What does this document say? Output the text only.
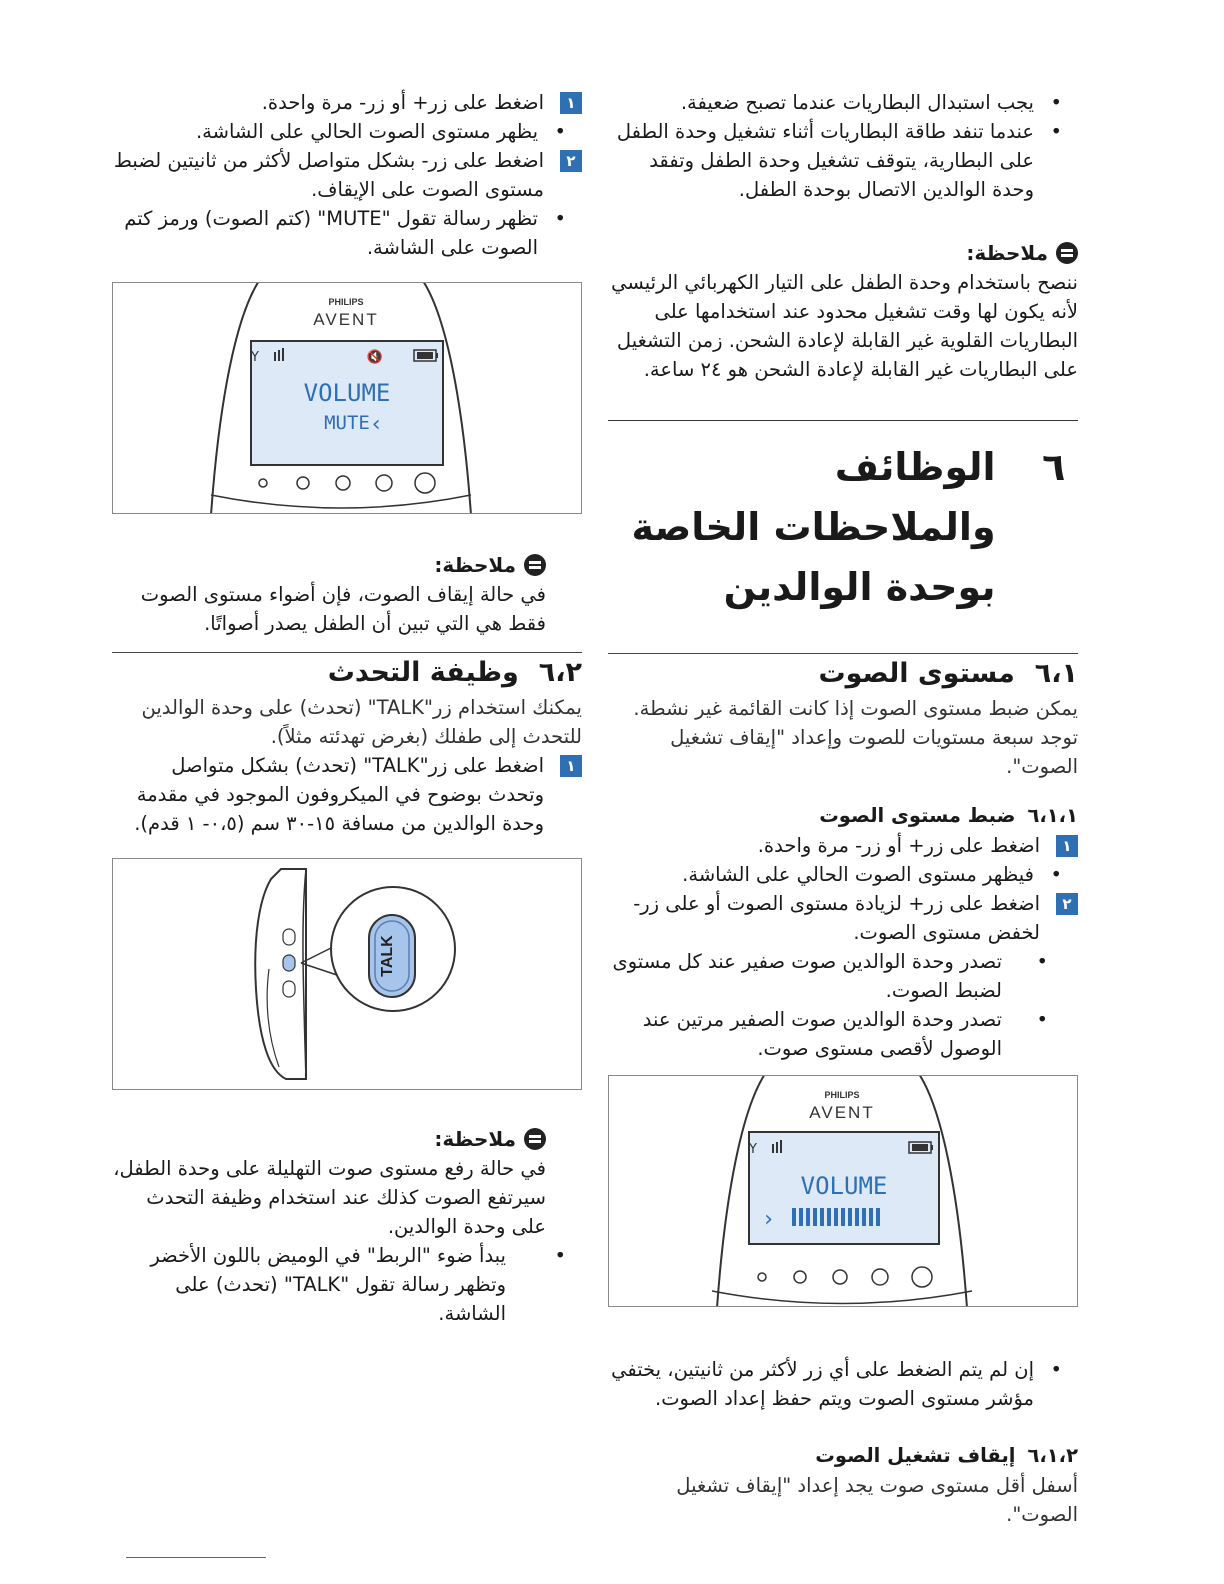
• يجب استبدال البطاريات عندما تصبح ضعيفة.
• عندما تنفد طاقة البطاريات أثناء تشغيل وحدة الطفل على البطارية، يتوقف تشغيل وحدة الطفل وتفقد وحدة الوالدين الاتصال بوحدة الطفل.
ملاحظة:

ننصح باستخدام وحدة الطفل على التيار الكهربائي الرئيسي لأنه يكون لها وقت تشغيل محدود عند استخدامها على البطاريات القلوية غير القابلة لإعادة الشحن. زمن التشغيل على البطاريات غير القابلة لإعادة الشحن هو ٢٤ ساعة.

٦
الوظائف والملاحظات الخاصة بوحدة الوالدين
٦،١
مستوى الصوت

يمكن ضبط مستوى الصوت إذا كانت القائمة غير نشطة. توجد سبعة مستويات للصوت وإعداد "إيقاف تشغيل الصوت".

٦،١،١
ضبط مستوى الصوت
١
اضغط على زر+ أو زر- مرة واحدة.
• فيظهر مستوى الصوت الحالي على الشاشة.
٢
اضغط على زر+ لزيادة مستوى الصوت أو على زر- لخفض مستوى الصوت.
• تصدر وحدة الوالدين صوت صفير عند كل مستوى لضبط الصوت.
• تصدر وحدة الوالدين صوت الصفير مرتين عند الوصول لأقصى مستوى صوت.
PHILIPS
AVENT
Y
VOLUME
‹
• إن لم يتم الضغط على أي زر لأكثر من ثانيتين، يختفي مؤشر مستوى الصوت ويتم حفظ إعداد الصوت.
٦،١،٢
إيقاف تشغيل الصوت

أسفل أقل مستوى صوت يجد إعداد "إيقاف تشغيل الصوت".

١
اضغط على زر+ أو زر- مرة واحدة.
• يظهر مستوى الصوت الحالي على الشاشة.
٢
اضغط على زر- بشكل متواصل لأكثر من ثانيتين لضبط مستوى الصوت على الإيقاف.
• تظهر رسالة تقول "MUTE" (كتم الصوت) ورمز كتم الصوت على الشاشة.
PHILIPS
AVENT
Y	🔇
VOLUME
MUTE ›
ملاحظة:

في حالة إيقاف الصوت، فإن أضواء مستوى الصوت فقط هي التي تبين أن الطفل يصدر أصواتًا.

٦،٢
وظيفة التحدث

يمكنك استخدام زر"TALK" (تحدث) على وحدة الوالدين للتحدث إلى طفلك (بغرض تهدئته مثلاً).

١
اضغط على زر"TALK" (تحدث) بشكل متواصل وتحدث بوضوح في الميكروفون الموجود في مقدمة وحدة الوالدين من مسافة ١٥-٣٠ سم (٠،٥- ١ قدم).
TALK
ملاحظة:

في حالة رفع مستوى صوت التهليلة على وحدة الطفل، سيرتفع الصوت كذلك عند استخدام وظيفة التحدث على وحدة الوالدين.

• يبدأ ضوء "الربط" في الوميض باللون الأخضر وتظهر رسالة تقول "TALK" (تحدث) على الشاشة.
